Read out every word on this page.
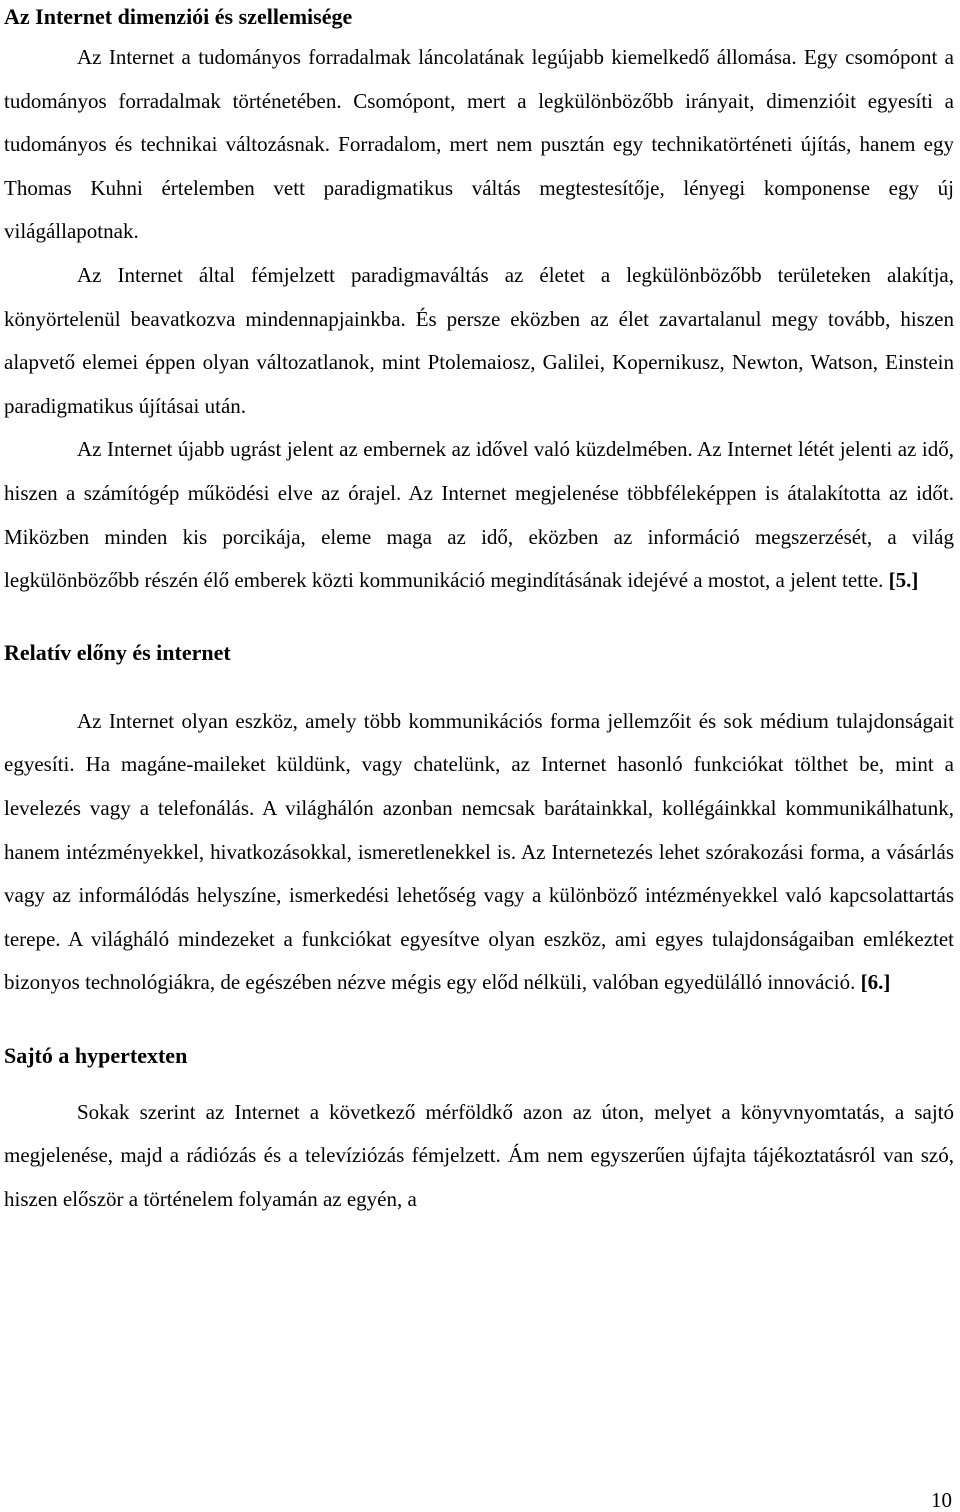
Az Internet dimenziói és szellemisége

Az Internet a tudományos forradalmak láncolatának legújabb kiemelkedő állomása. Egy csomópont a tudományos forradalmak történetében. Csomópont, mert a legkülönbözőbb irányait, dimenzióit egyesíti a tudományos és technikai változásnak. Forradalom, mert nem pusztán egy technikatörténeti újítás, hanem egy Thomas Kuhni értelemben vett paradigmatikus váltás megtestesítője, lényegi komponense egy új világállapotnak.

Az Internet által fémjelzett paradigmaváltás az életet a legkülönbözőbb területeken alakítja, könyörtelenül beavatkozva mindennapjainkba. És persze eközben az élet zavartalanul megy tovább, hiszen alapvető elemei éppen olyan változatlanok, mint Ptolemaiosz, Galilei, Kopernikusz, Newton, Watson, Einstein paradigmatikus újításai után.

Az Internet újabb ugrást jelent az embernek az idővel való küzdelmében. Az Internet létét jelenti az idő, hiszen a számítógép működési elve az órajel. Az Internet megjelenése többféleképpen is átalakította az időt. Miközben minden kis porcikája, eleme maga az idő, eközben az információ megszerzését, a világ legkülönbözőbb részén élő emberek közti kommunikáció megindításának idejévé a mostot, a jelent tette. [5.]

Relatív előny és internet

Az Internet olyan eszköz, amely több kommunikációs forma jellemzőit és sok médium tulajdonságait egyesíti. Ha magáne-maileket küldünk, vagy chatelünk, az Internet hasonló funkciókat tölthet be, mint a levelezés vagy a telefonálás. A világhálón azonban nemcsak barátainkkal, kollégáinkkal kommunikálhatunk, hanem intézményekkel, hivatkozásokkal, ismeretlenekkel is. Az Internetezés lehet szórakozási forma, a vásárlás vagy az informálódás helyszíne, ismerkedési lehetőség vagy a különböző intézményekkel való kapcsolattartás terepe. A világháló mindezeket a funkciókat egyesítve olyan eszköz, ami egyes tulajdonságaiban emlékeztet bizonyos technológiákra, de egészében nézve mégis egy előd nélküli, valóban egyedülálló innováció. [6.]

Sajtó a hypertexten

Sokak szerint az Internet a következő mérföldkő azon az úton, melyet a könyvnyomtatás, a sajtó megjelenése, majd a rádiózás és a televíziózás fémjelzett. Ám nem egyszerűen újfajta tájékoztatásról van szó, hiszen először a történelem folyamán az egyén, a

10
